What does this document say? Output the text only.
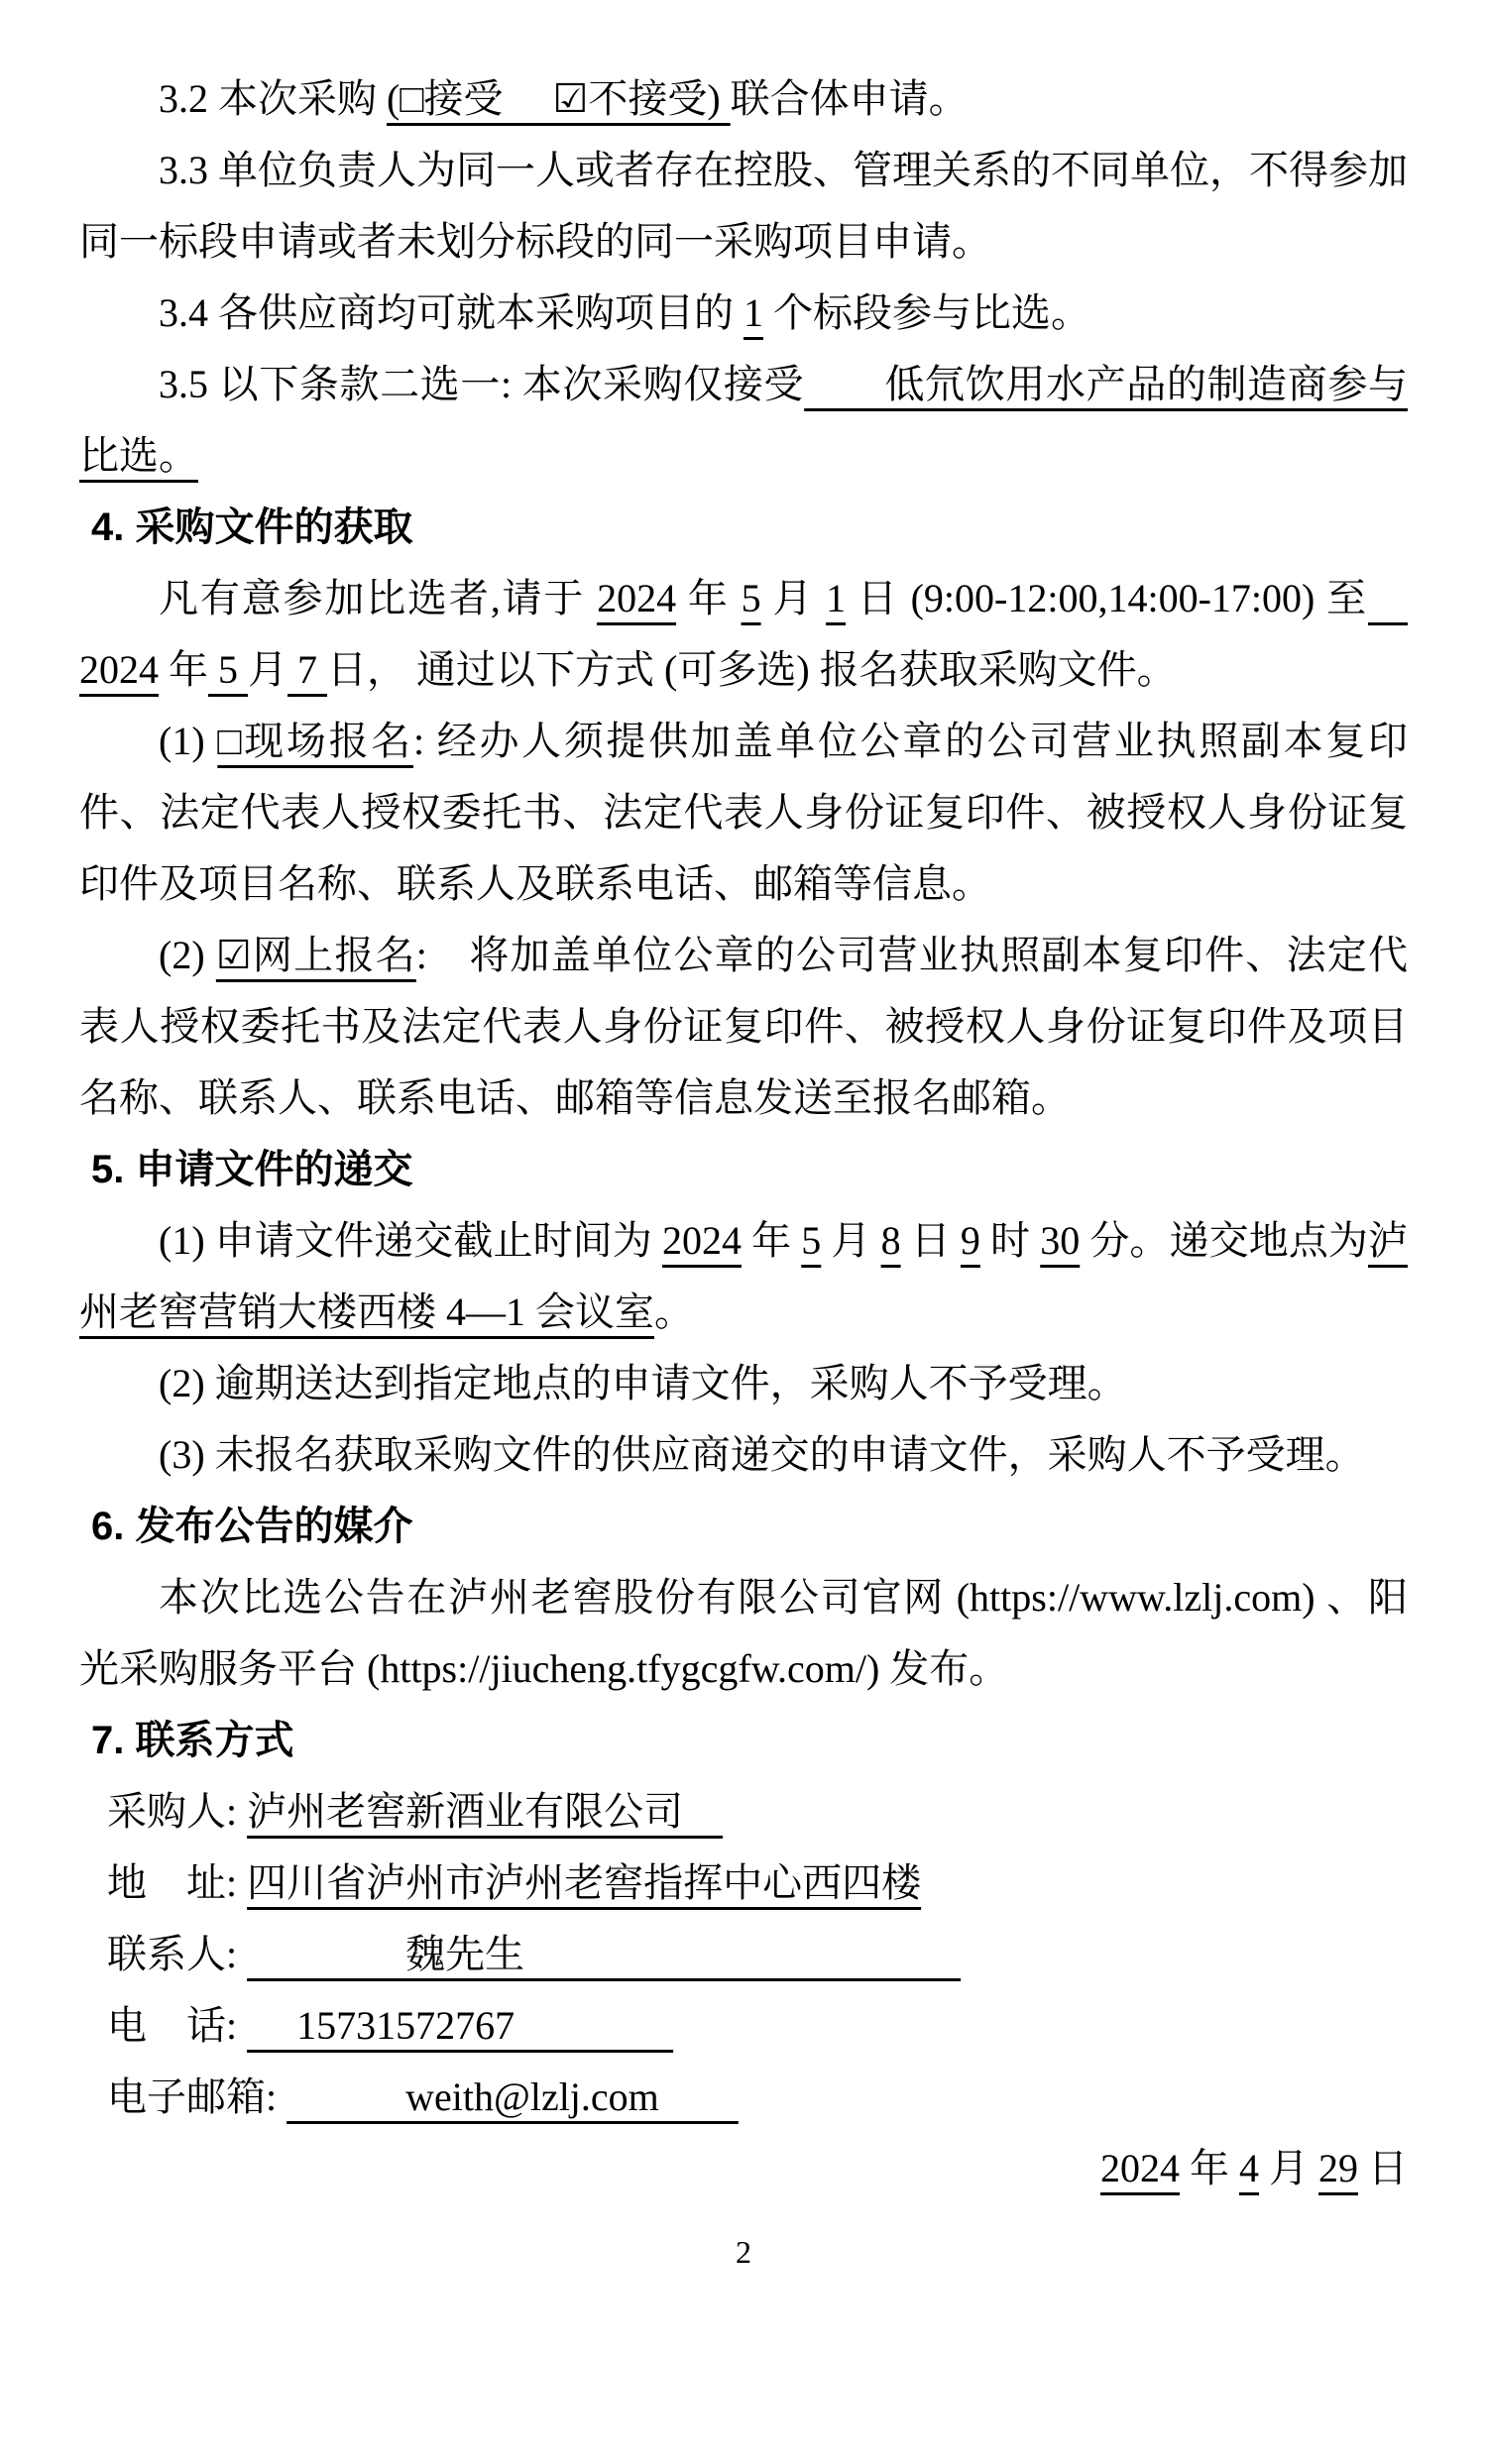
3.2 本次采购 (□接受　 ☑不接受) 联合体申请。

3.3 单位负责人为同一人或者存在控股、管理关系的不同单位，不得参加同一标段申请或者未划分标段的同一采购项目申请。

3.4 各供应商均可就本采购项目的 1 个标段参与比选。

3.5 以下条款二选一: 本次采购仅接受　　低氘饮用水产品的制造商参与比选。

4. 采购文件的获取

凡有意参加比选者,请于 2024 年 5 月 1 日 (9:00-12:00,14:00-17:00) 至　2024 年 5 月 7 日， 通过以下方式 (可多选) 报名获取采购文件。

(1) □现场报名: 经办人须提供加盖单位公章的公司营业执照副本复印件、法定代表人授权委托书、法定代表人身份证复印件、被授权人身份证复印件及项目名称、联系人及联系电话、邮箱等信息。

(2) ☑网上报名:　将加盖单位公章的公司营业执照副本复印件、法定代表人授权委托书及法定代表人身份证复印件、被授权人身份证复印件及项目名称、联系人、联系电话、邮箱等信息发送至报名邮箱。

5. 申请文件的递交

(1) 申请文件递交截止时间为 2024 年 5 月 8 日 9 时 30 分。递交地点为泸州老窖营销大楼西楼 4—1 会议室。

(2) 逾期送达到指定地点的申请文件，采购人不予受理。

(3) 未报名获取采购文件的供应商递交的申请文件，采购人不予受理。

6. 发布公告的媒介

本次比选公告在泸州老窖股份有限公司官网 (https://www.lzlj.com) 、阳光采购服务平台 (https://jiucheng.tfygcgfw.com/) 发布。

7. 联系方式

采购人: 泸州老窖新酒业有限公司　

地　址: 四川省泸州市泸州老窖指挥中心西四楼

联系人: 　　　　魏先生　　　　　　　　　　　

电　话: 　 15731572767　　　　

电子邮箱: 　　　weith@lzlj.com　　

2024 年 4 月 29 日

2
